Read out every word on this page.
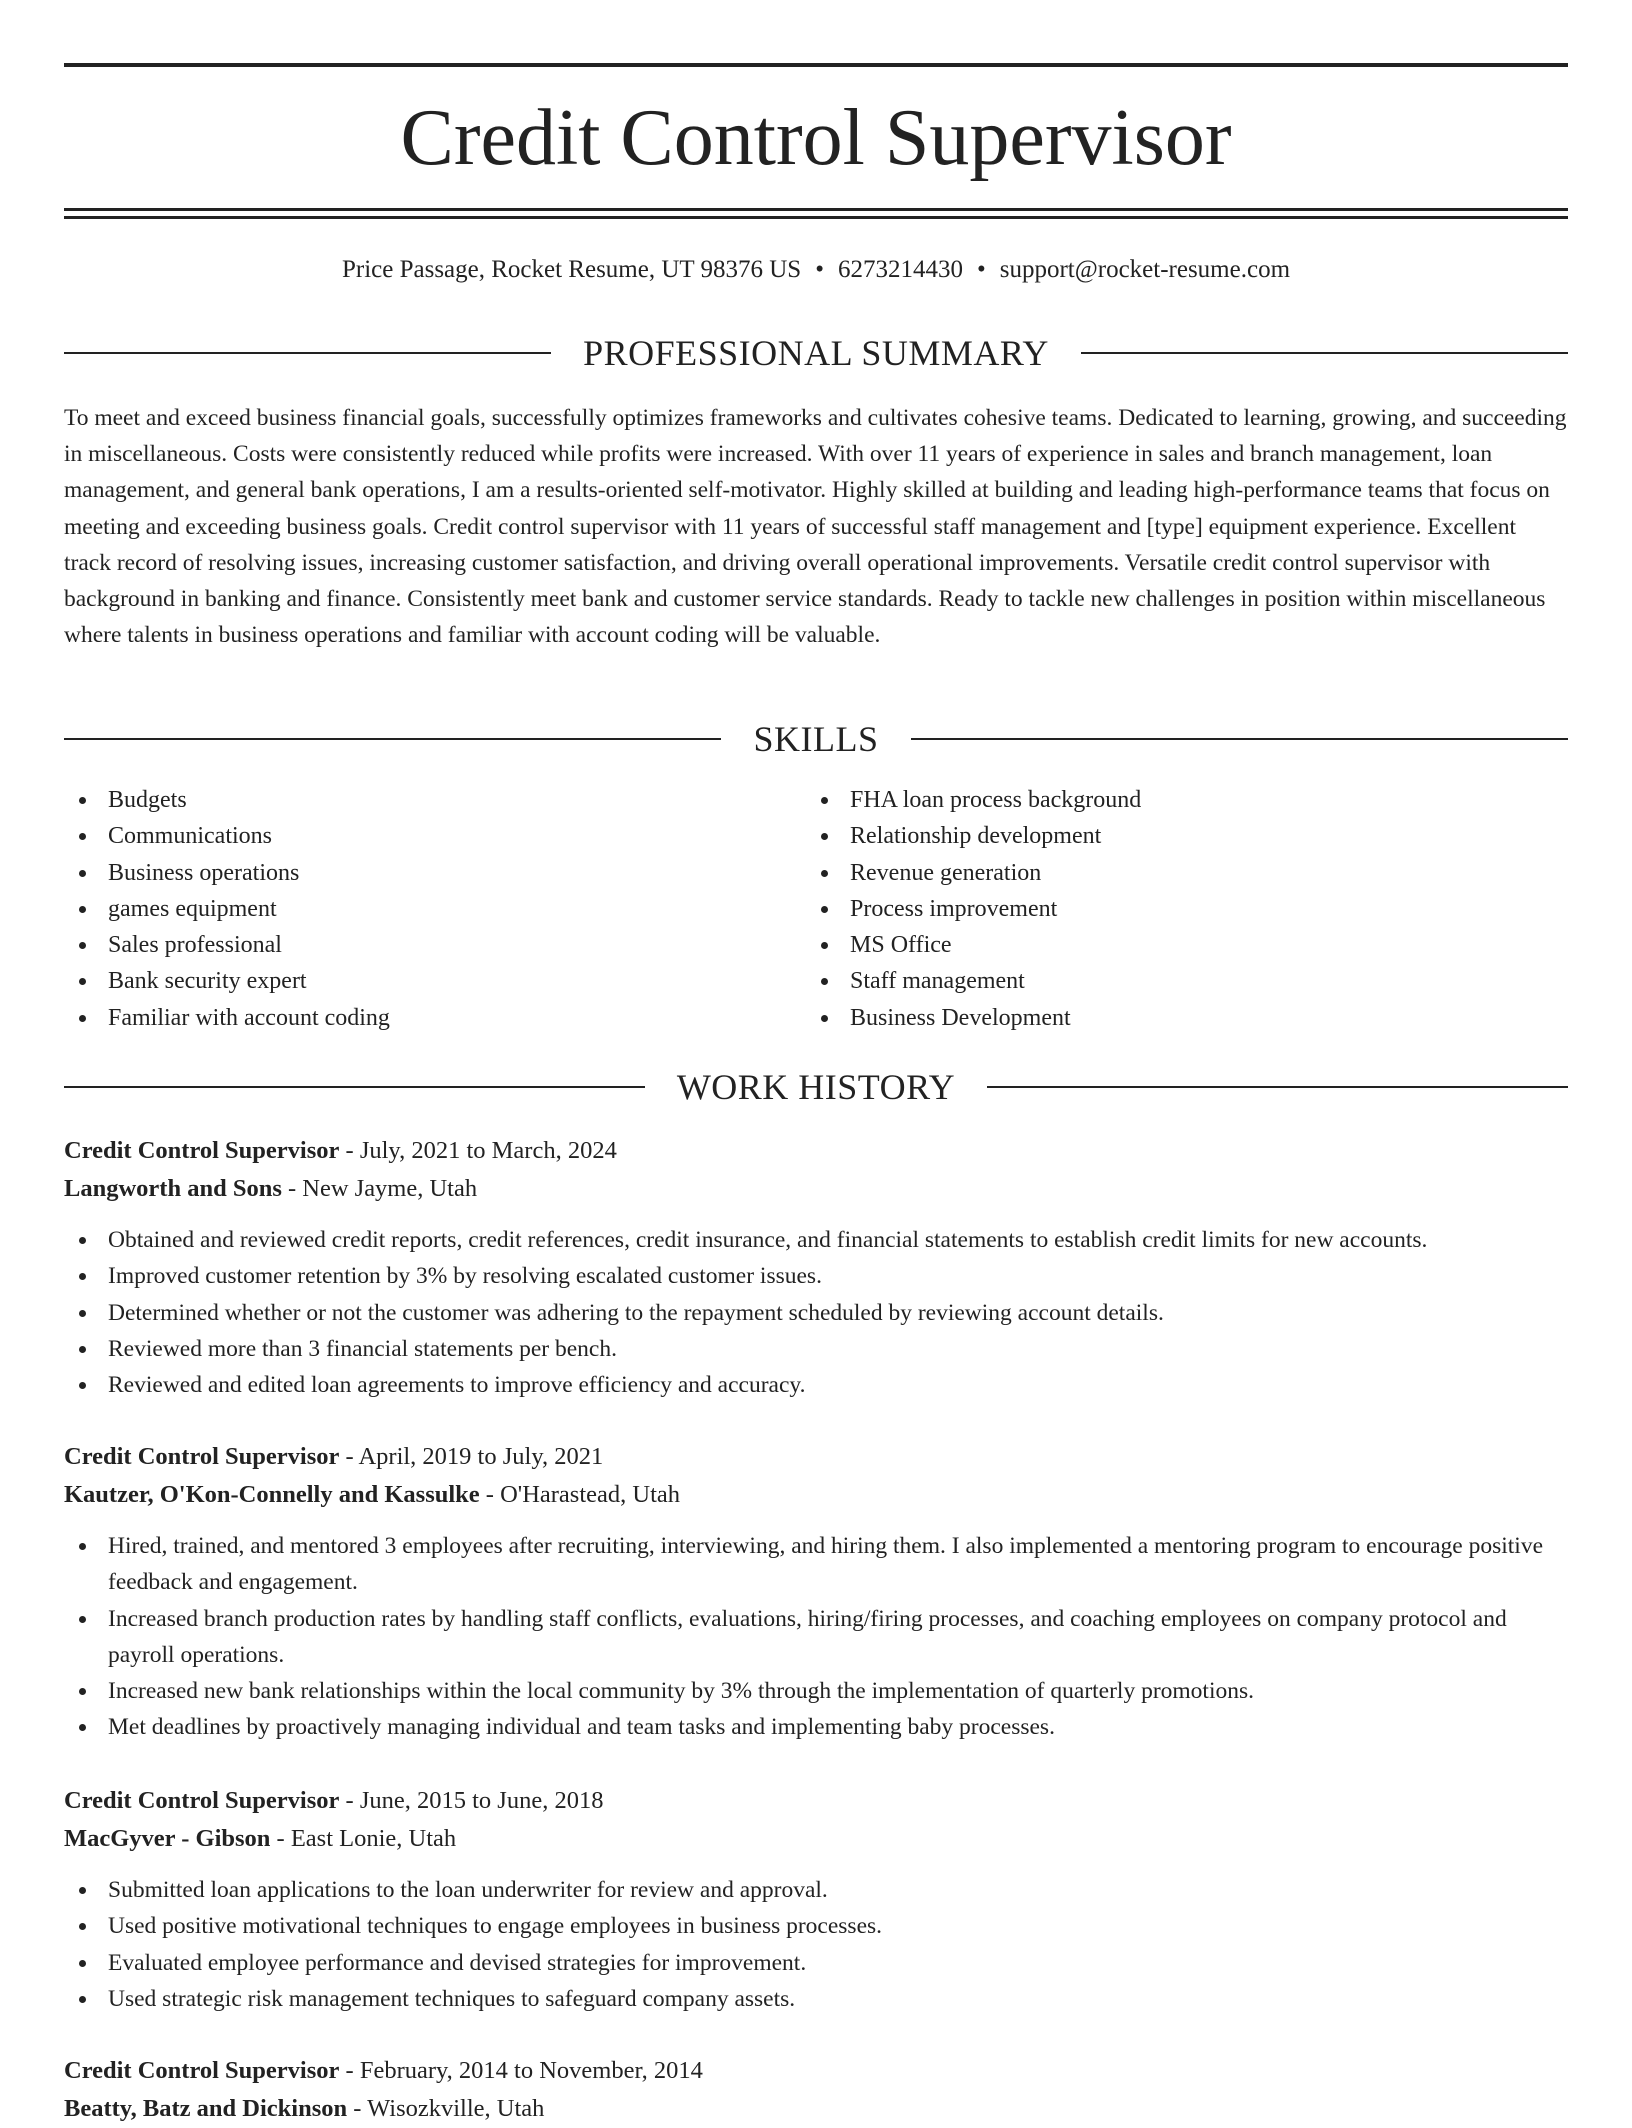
Credit Control Supervisor
Price Passage, Rocket Resume, UT 98376 US • 6273214430 • support@rocket-resume.com
PROFESSIONAL SUMMARY

To meet and exceed business financial goals, successfully optimizes frameworks and cultivates cohesive teams. Dedicated to learning, growing, and succeeding in miscellaneous. Costs were consistently reduced while profits were increased. With over 11 years of experience in sales and branch management, loan management, and general bank operations, I am a results-oriented self-motivator. Highly skilled at building and leading high-performance teams that focus on meeting and exceeding business goals. Credit control supervisor with 11 years of successful staff management and [type] equipment experience. Excellent track record of resolving issues, increasing customer satisfaction, and driving overall operational improvements. Versatile credit control supervisor with background in banking and finance. Consistently meet bank and customer service standards. Ready to tackle new challenges in position within miscellaneous where talents in business operations and familiar with account coding will be valuable.

SKILLS
Budgets
Communications
Business operations
games equipment
Sales professional
Bank security expert
Familiar with account coding
FHA loan process background
Relationship development
Revenue generation
Process improvement
MS Office
Staff management
Business Development
WORK HISTORY
Credit Control Supervisor - July, 2021 to March, 2024
Langworth and Sons - New Jayme, Utah
Obtained and reviewed credit reports, credit references, credit insurance, and financial statements to establish credit limits for new accounts.
Improved customer retention by 3% by resolving escalated customer issues.
Determined whether or not the customer was adhering to the repayment scheduled by reviewing account details.
Reviewed more than 3 financial statements per bench.
Reviewed and edited loan agreements to improve efficiency and accuracy.
Credit Control Supervisor - April, 2019 to July, 2021
Kautzer, O'Kon-Connelly and Kassulke - O'Harastead, Utah
Hired, trained, and mentored 3 employees after recruiting, interviewing, and hiring them. I also implemented a mentoring program to encourage positive feedback and engagement.
Increased branch production rates by handling staff conflicts, evaluations, hiring/firing processes, and coaching employees on company protocol and payroll operations.
Increased new bank relationships within the local community by 3% through the implementation of quarterly promotions.
Met deadlines by proactively managing individual and team tasks and implementing baby processes.
Credit Control Supervisor - June, 2015 to June, 2018
MacGyver - Gibson - East Lonie, Utah
Submitted loan applications to the loan underwriter for review and approval.
Used positive motivational techniques to engage employees in business processes.
Evaluated employee performance and devised strategies for improvement.
Used strategic risk management techniques to safeguard company assets.
Credit Control Supervisor - February, 2014 to November, 2014
Beatty, Batz and Dickinson - Wisozkville, Utah
